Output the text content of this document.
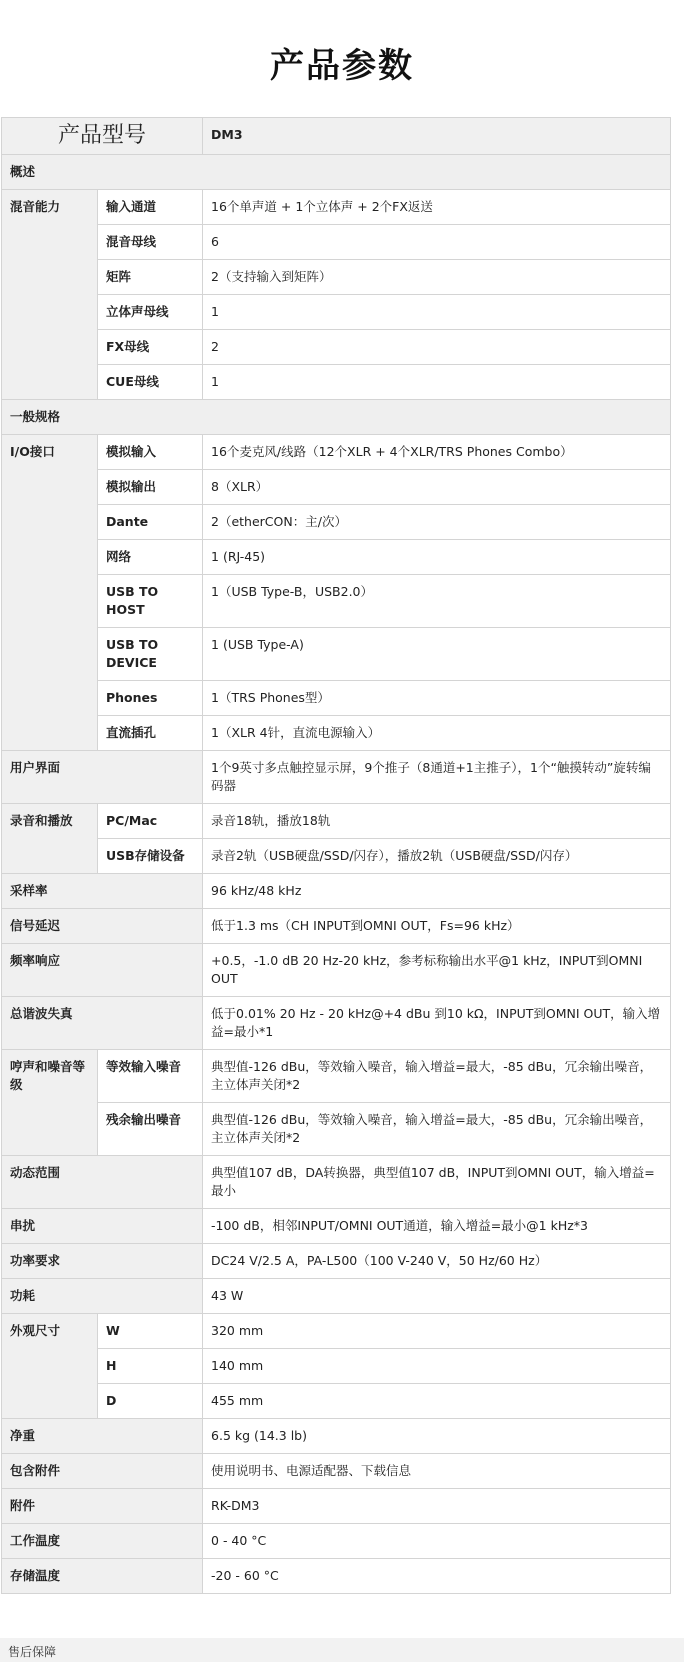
产品参数
产品型号		DM3
概述		
混音能力	输入通道	16个单声道 + 1个立体声 + 2个FX返送
	混音母线	6
	矩阵	2（支持输入到矩阵）
	立体声母线	1
	FX母线	2
	CUE母线	1
一般规格		
I/O接口	模拟输入	16个麦克风/线路（12个XLR + 4个XLR/TRS Phones Combo）
	模拟输出	8（XLR）
	Dante	2（etherCON：主/次）
	网络	1 (RJ-45)
	USB TO HOST	1（USB Type-B，USB2.0）
	USB TO DEVICE	1 (USB Type-A)
	Phones	1（TRS Phones型）
	直流插孔	1（XLR 4针，直流电源输入）
用户界面		1个9英寸多点触控显示屏，9个推子（8通道+1主推子），1个“触摸转动”旋转编码器
录音和播放	PC/Mac	录音18轨，播放18轨
	USB存储设备	录音2轨（USB硬盘/SSD/闪存），播放2轨（USB硬盘/SSD/闪存）
采样率		96 kHz/48 kHz
信号延迟		低于1.3 ms（CH INPUT到OMNI OUT，Fs=96 kHz）
频率响应		+0.5，-1.0 dB 20 Hz-20 kHz，参考标称输出水平@1 kHz，INPUT到OMNI OUT
总谐波失真		低于0.01% 20 Hz - 20 kHz@+4 dBu 到10 kΩ，INPUT到OMNI OUT，输入增益=最小*1
哼声和噪音等级	等效输入噪音	典型值-126 dBu，等效输入噪音，输入增益=最大，-85 dBu，冗余输出噪音，主立体声关闭*2
	残余输出噪音	典型值-126 dBu，等效输入噪音，输入增益=最大，-85 dBu，冗余输出噪音，主立体声关闭*2
动态范围		典型值107 dB，DA转换器，典型值107 dB，INPUT到OMNI OUT，输入增益=最小
串扰		-100 dB，相邻INPUT/OMNI OUT通道，输入增益=最小@1 kHz*3
功率要求		DC24 V/2.5 A，PA-L500（100 V-240 V，50 Hz/60 Hz）
功耗		43 W
外观尺寸	W	320 mm
	H	140 mm
	D	455 mm
净重		6.5 kg (14.3 lb)
包含附件		使用说明书、电源适配器、下载信息
附件		RK-DM3
工作温度		0 - 40 °C
存储温度		-20 - 60 °C
售后保障
